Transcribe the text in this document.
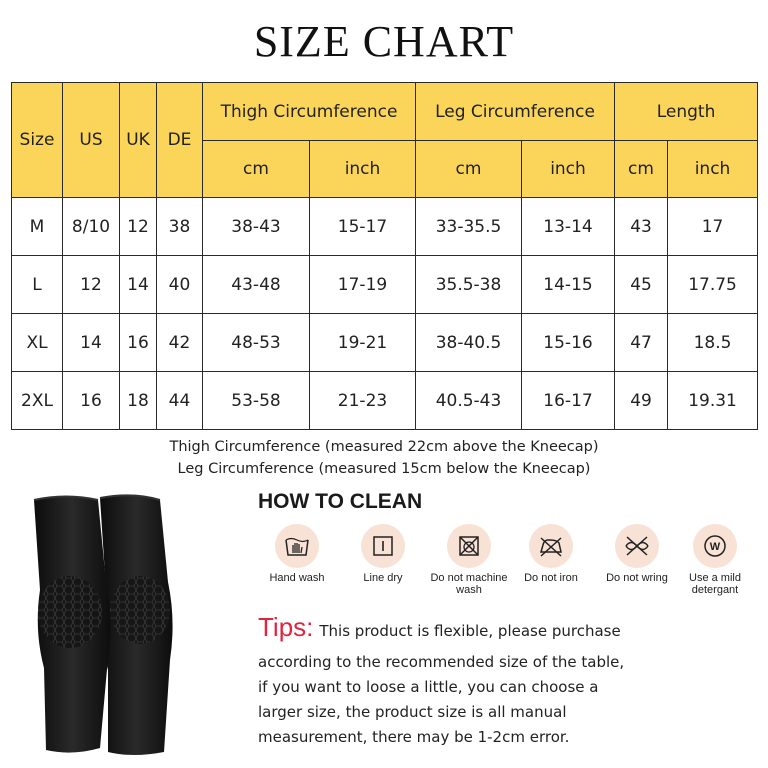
SIZE CHART
Size	US	UK	DE	Thigh Circumference		Leg Circumference		Length	
				cm	inch	cm	inch	cm	inch
M	8/10	12	38	38-43	15-17	33-35.5	13-14	43	17
L	12	14	40	43-48	17-19	35.5-38	14-15	45	17.75
XL	14	16	42	48-53	19-21	38-40.5	15-16	47	18.5
2XL	16	18	44	53-58	21-23	40.5-43	16-17	49	19.31
Thigh Circumference (measured 22cm above the Kneecap)
Leg Circumference (measured 15cm below the Kneecap)
HOW TO CLEAN
Hand wash	Line dry	Do not machine wash
Do not iron	Do not wring
W
Use a mild detergant
Tips: This product is flexible, please purchase
according to the recommended size of the table,
if you want to loose a little, you can choose a
larger size, the product size is all manual
measurement, there may be 1-2cm error.
